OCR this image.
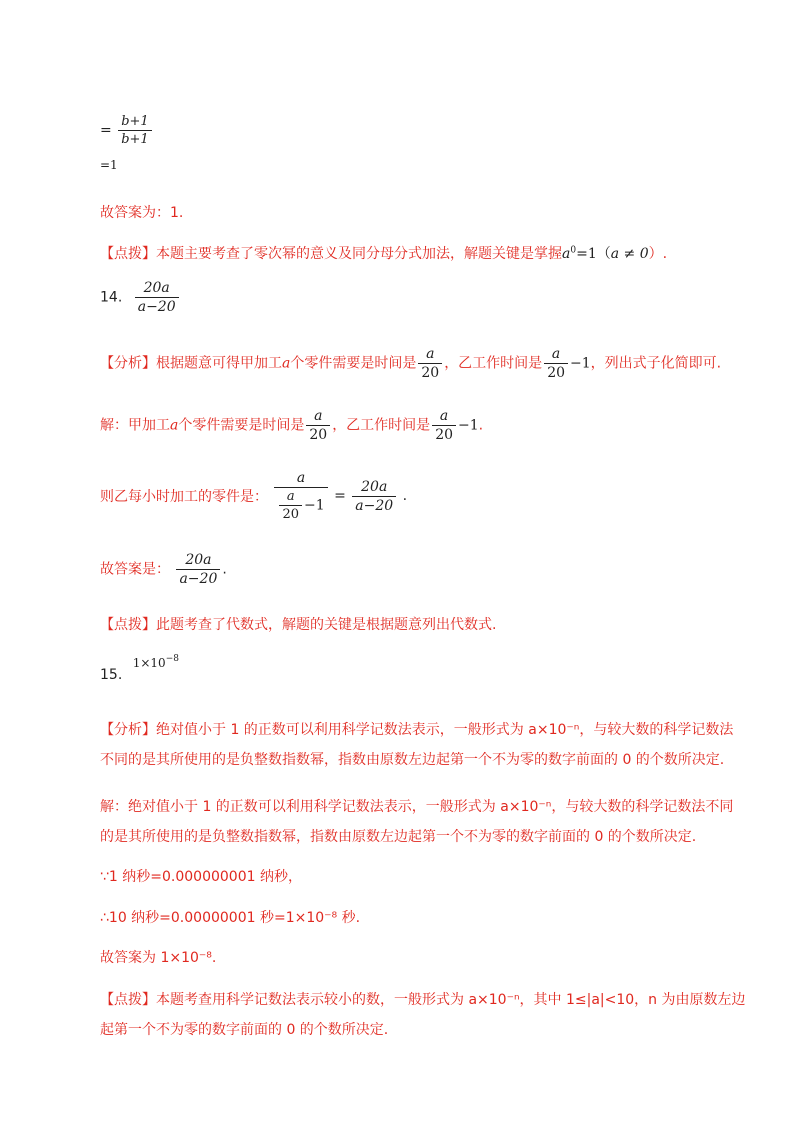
= $\frac{b+1}{b+1}$
=1
故答案为：1.
【点拨】本题主要考查了零次幂的意义及同分母分式加法，解题关键是掌握$a^0=1(a \ne 0)$.
14. $\frac{20a}{a-20}$
【分析】根据题意可得甲加工a个零件需要是时间是 $\frac{a}{20}$ ，乙工作时间是 $\frac{a}{20} -1$，列出式子化简即可.
解：甲加工a个零件需要是时间是 $\frac{a}{20}$ ，乙工作时间是 $\frac{a}{20} -1$.
则乙每小时加工的零件是： $\frac{a}{\frac{a}{20} -1} = \frac{20a}{a-20}$ .
故答案是： $\frac{20a}{a-20}$ .
【点拨】此题考查了代数式，解题的关键是根据题意列出代数式.
15. $1\times 10^{-8}$
【分析】绝对值小于 1 的正数可以利用科学记数法表示，一般形式为 a×10⁻ⁿ，与较大数的科学记数法
不同的是其所使用的是负整数指数幂，指数由原数左边起第一个不为零的数字前面的 0 的个数所决定.
解：绝对值小于 1 的正数可以利用科学记数法表示，一般形式为 a×10⁻ⁿ，与较大数的科学记数法不同
的是其所使用的是负整数指数幂，指数由原数左边起第一个不为零的数字前面的 0 的个数所决定.
∵1 纳秒=0.000000001 纳秒，
∴10 纳秒=0.00000001 秒=1×10⁻⁸ 秒.
故答案为 1×10⁻⁸.
【点拨】本题考查用科学记数法表示较小的数，一般形式为 a×10⁻ⁿ，其中 1≤|a|<10，n 为由原数左边
起第一个不为零的数字前面的 0 的个数所决定.
